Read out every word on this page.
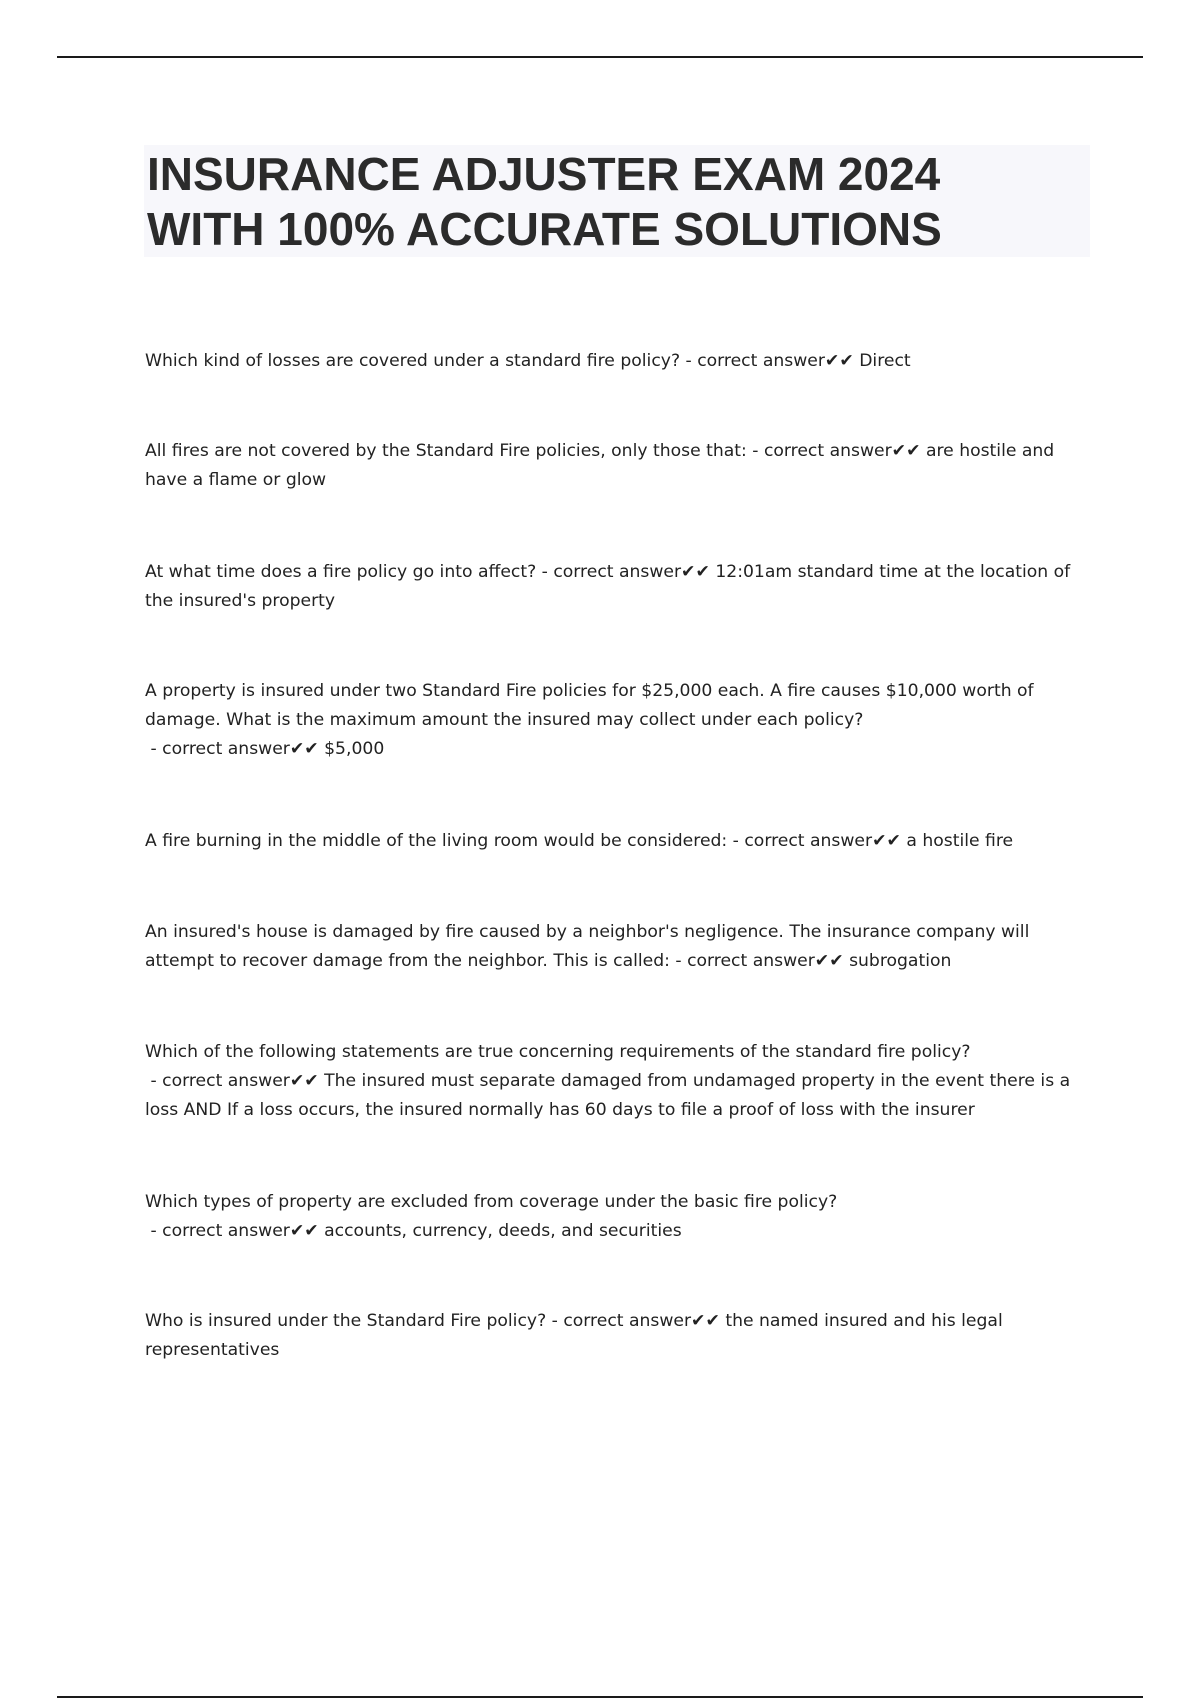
INSURANCE ADJUSTER EXAM 2024
WITH 100% ACCURATE SOLUTIONS

Which kind of losses are covered under a standard fire policy? - correct answer✔✔ Direct

All fires are not covered by the Standard Fire policies, only those that: - correct answer✔✔ are hostile and have a flame or glow

At what time does a fire policy go into affect? - correct answer✔✔ 12:01am standard time at the location of the insured's property

A property is insured under two Standard Fire policies for $25,000 each. A fire causes $10,000 worth of damage. What is the maximum amount the insured may collect under each policy? - correct answer✔✔ $5,000

A fire burning in the middle of the living room would be considered: - correct answer✔✔ a hostile fire

An insured's house is damaged by fire caused by a neighbor's negligence. The insurance company will attempt to recover damage from the neighbor. This is called: - correct answer✔✔ subrogation

Which of the following statements are true concerning requirements of the standard fire policy? - correct answer✔✔ The insured must separate damaged from undamaged property in the event there is a loss AND If a loss occurs, the insured normally has 60 days to file a proof of loss with the insurer

Which types of property are excluded from coverage under the basic fire policy? - correct answer✔✔ accounts, currency, deeds, and securities

Who is insured under the Standard Fire policy? - correct answer✔✔ the named insured and his legal representatives
